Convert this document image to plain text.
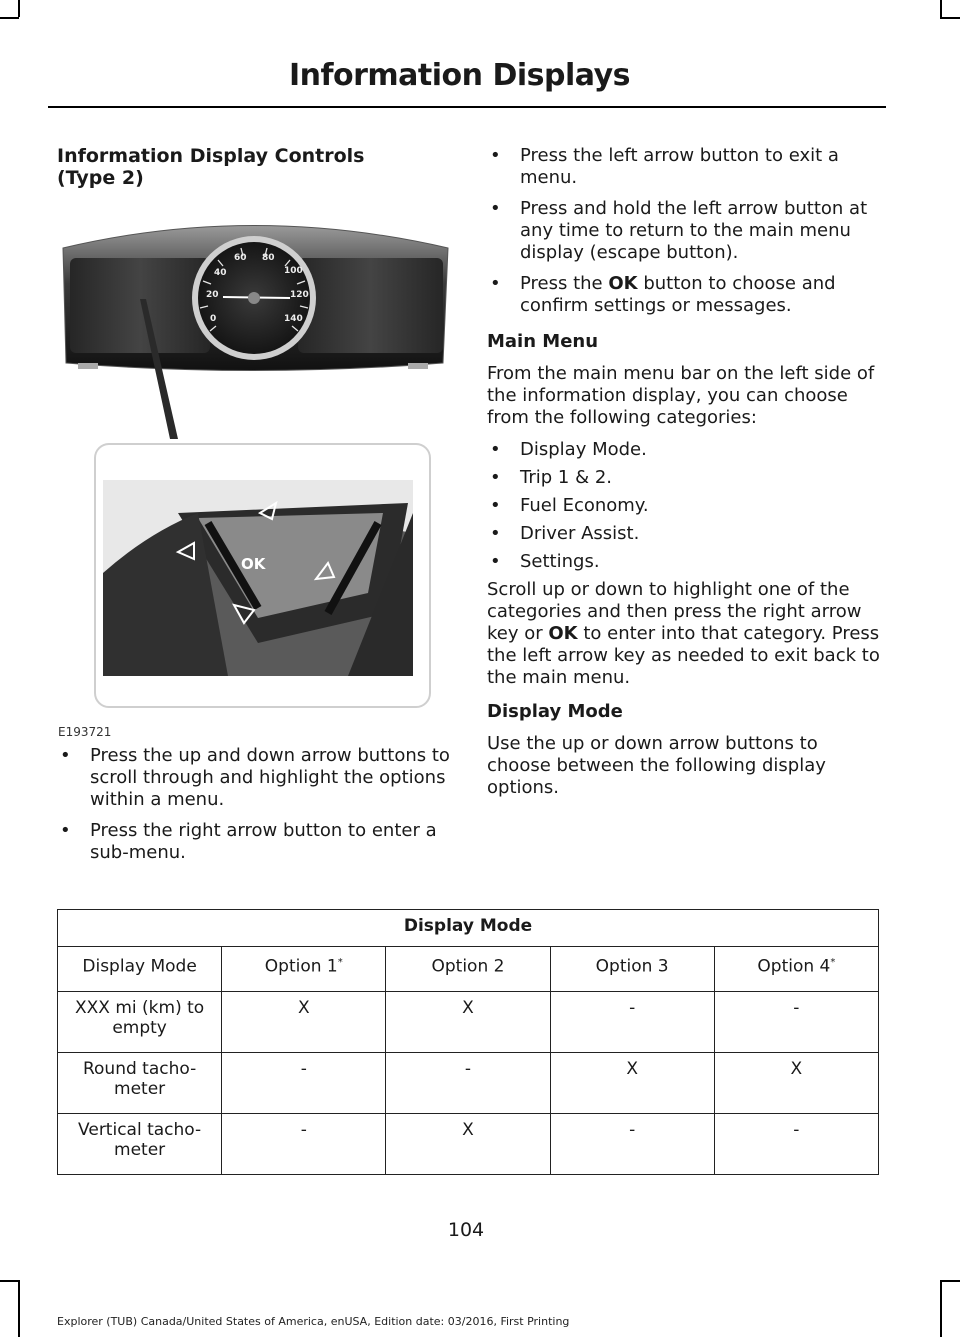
Information Displays
Information Display Controls (Type 2)
0
20
40
60 80
100
120
140
OK
E193721
• Press the up and down arrow buttons to scroll through and highlight the options within a menu.
• Press the right arrow button to enter a sub-menu.
• Press the left arrow button to exit a menu.
• Press and hold the left arrow button at any time to return to the main menu display (escape button).
• Press the OK button to choose and confirm settings or messages.
Main Menu

From the main menu bar on the left side of the information display, you can choose from the following categories:

• Display Mode.
• Trip 1 & 2.
• Fuel Economy.
• Driver Assist.
• Settings.

Scroll up or down to highlight one of the categories and then press the right arrow key or OK to enter into that category. Press the left arrow key as needed to exit back to the main menu.

Display Mode

Use the up or down arrow buttons to choose between the following display options.

Display Mode				
Display Mode	Option 1*	Option 2	Option 3	Option 4*
XXX mi (km) to empty	X	X	-	-
Round tacho-meter	-	-	X	X
Vertical tacho-meter	-	X	-	-
104
Explorer (TUB) Canada/United States of America, enUSA, Edition date: 03/2016, First Printing
